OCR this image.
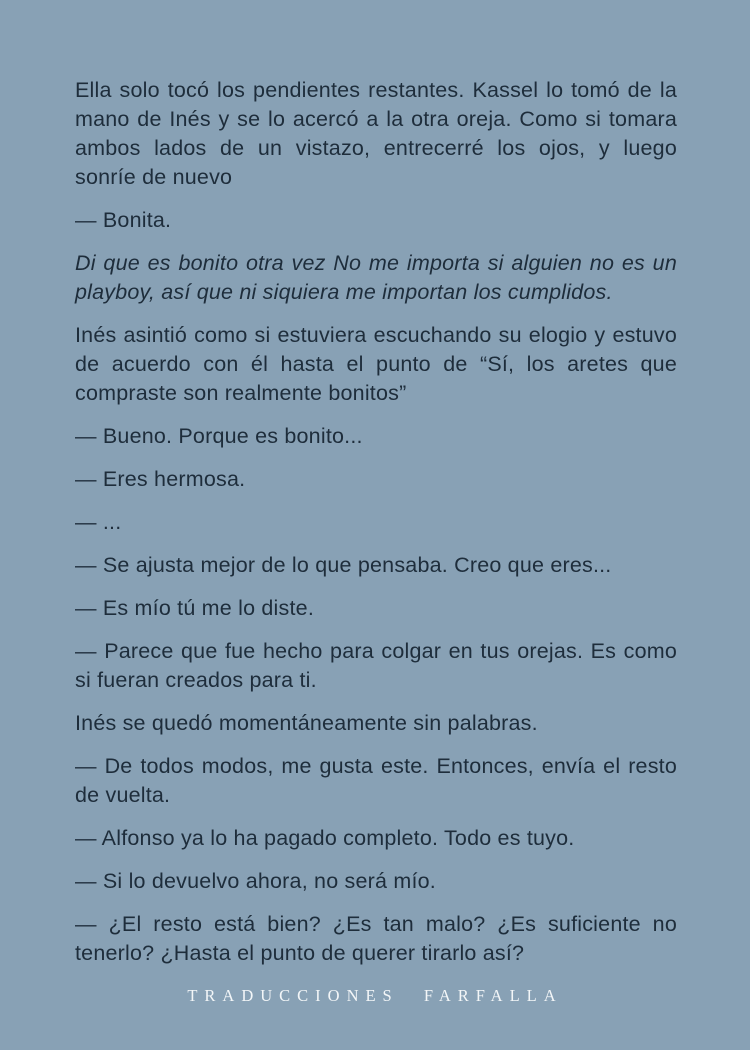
Ella solo tocó los pendientes restantes. Kassel lo tomó de la mano de Inés y se lo acercó a la otra oreja. Como si tomara ambos lados de un vistazo, entrecerré los ojos, y luego sonríe de nuevo

— Bonita.

Di que es bonito otra vez No me importa si alguien no es un playboy, así que ni siquiera me importan los cumplidos.

Inés asintió como si estuviera escuchando su elogio y estuvo de acuerdo con él hasta el punto de “Sí, los aretes que compraste son realmente bonitos”

— Bueno. Porque es bonito...

— Eres hermosa.

— ...

— Se ajusta mejor de lo que pensaba. Creo que eres...

— Es mío tú me lo diste.

— Parece que fue hecho para colgar en tus orejas. Es como si fueran creados para ti.

Inés se quedó momentáneamente sin palabras.

— De todos modos, me gusta este. Entonces, envía el resto de vuelta.

— Alfonso ya lo ha pagado completo. Todo es tuyo.

— Si lo devuelvo ahora, no será mío.

— ¿El resto está bien? ¿Es tan malo? ¿Es suficiente no tenerlo? ¿Hasta el punto de querer tirarlo así?

TRADUCCIONES FARFALLA
